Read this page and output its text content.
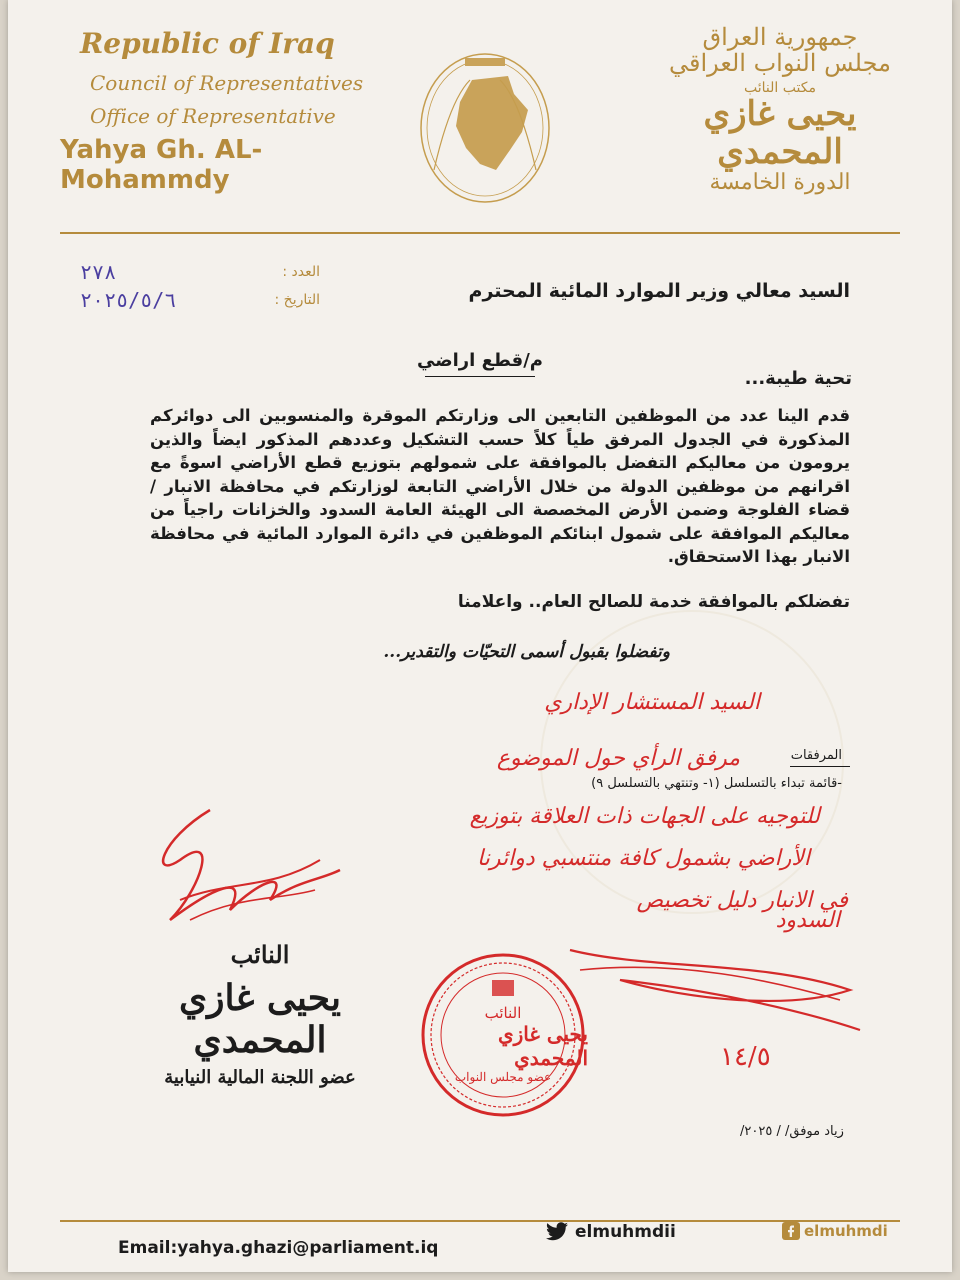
Republic of Iraq
Council of Representatives
Office of Representative
Yahya Gh. AL-Mohammdy
جمهورية العراق
مجلس النواب العراقي
مكتب النائب
يحيى غازي المحمدي
الدورة الخامسة
٢٧٨	العدد :
٢٠٢٥/٥/٦	التاريخ :	السيد معالي وزير الموارد المائية المحترم
م/قطع اراضي
تحية طيبة...
قدم الينا عدد من الموظفين التابعين الى وزارتكم الموقرة والمنسوبين الى دوائركم المذكورة في الجدول المرفق طياً كلاً حسب التشكيل وعددهم المذكور ايضاً والذين يرومون من معاليكم التفضل بالموافقة على شمولهم بتوزيع قطع الأراضي اسوةً مع اقرانهم من موظفين الدولة من خلال الأراضي التابعة لوزارتكم في محافظة الانبار / قضاء الفلوجة وضمن الأرض المخصصة الى الهيئة العامة السدود والخزانات راجياً من معاليكم الموافقة على شمول ابنائكم الموظفين في دائرة الموارد المائية في محافظة الانبار بهذا الاستحقاق.
تفضلكم بالموافقة خدمة للصالح العام.. واعلامنا
وتفضلوا بقبول أسمى التحيّات والتقدير...
المرفقات
-قائمة تبداء بالتسلسل (١- وتنتهي بالتسلسل ٩)
السيد المستشار الإداري
مرفق الرأي حول الموضوع
للتوجيه على الجهات ذات العلاقة بتوزيع
الأراضي بشمول كافة منتسبي دوائرنا
في الانبار دليل تخصيص
السدود
١٤/٥
النائب
يحيى غازي المحمدي
عضو اللجنة المالية النيابية
النائب
يحيى غازي المحمدي
عضو مجلس النواب
زياد موفق/ / ٢٠٢٥/
Email:yahya.ghazi@parliament.iq
elmuhmdii	elmuhmdi
